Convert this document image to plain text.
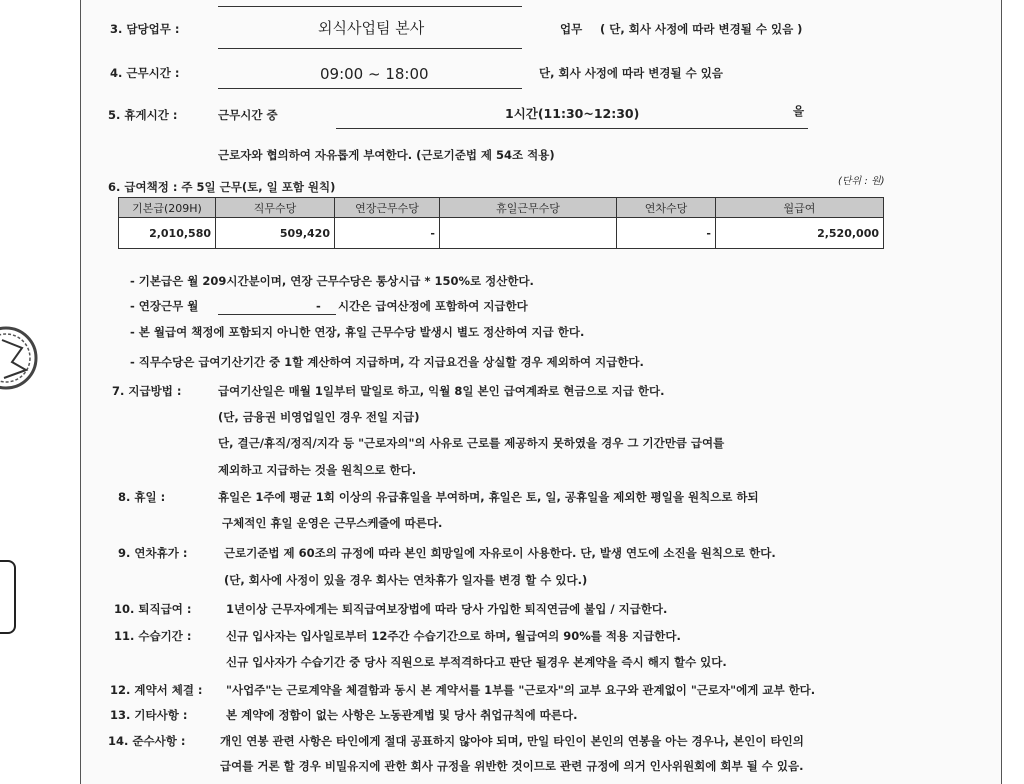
3. 담당업무 :	외식사업팀 본사	업무 ( 단, 회사 사정에 따라 변경될 수 있음 )
4. 근무시간 :	09:00 ~ 18:00	단, 회사 사정에 따라 변경될 수 있음
5. 휴게시간 :	근무시간 중	1시간(11:30~12:30)	을
근로자와 협의하여 자유롭게 부여한다. (근로기준법 제 54조 적용)
6. 급여책정 : 주 5일 근무(토, 일 포함 원칙)	(단위 : 원)
기본급(209H)	직무수당	연장근무수당	휴일근무수당	연차수당	월급여
2,010,580	509,420	-		-	2,520,000
- 기본급은 월 209시간분이며, 연장 근무수당은 통상시급 * 150%로 정산한다.
- 연장근무 월	- 시간은 급여산정에 포함하여 지급한다
- 본 월급여 책정에 포함되지 아니한 연장, 휴일 근무수당 발생시 별도 정산하여 지급 한다.
- 직무수당은 급여기산기간 중 1할 계산하여 지급하며, 각 지급요건을 상실할 경우 제외하여 지급한다.
7. 지급방법 :	급여기산일은 매월 1일부터 말일로 하고, 익월 8일 본인 급여계좌로 현금으로 지급 한다.
(단, 금융권 비영업일인 경우 전일 지급)
단, 결근/휴직/정직/지각 등 "근로자의"의 사유로 근로를 제공하지 못하였을 경우 그 기간만큼 급여를
제외하고 지급하는 것을 원칙으로 한다.
8. 휴일 :	휴일은 1주에 평균 1회 이상의 유급휴일을 부여하며, 휴일은 토, 일, 공휴일을 제외한 평일을 원칙으로 하되
구체적인 휴일 운영은 근무스케줄에 따른다.
9. 연차휴가 :	근로기준법 제 60조의 규정에 따라 본인 희망일에 자유로이 사용한다. 단, 발생 연도에 소진을 원칙으로 한다.
(단, 회사에 사정이 있을 경우 회사는 연차휴가 일자를 변경 할 수 있다.)
10. 퇴직급여 :	1년이상 근무자에게는 퇴직급여보장법에 따라 당사 가입한 퇴직연금에 불입 / 지급한다.
11. 수습기간 :	신규 입사자는 입사일로부터 12주간 수습기간으로 하며, 월급여의 90%를 적용 지급한다.
신규 입사자가 수습기간 중 당사 직원으로 부적격하다고 판단 될경우 본계약을 즉시 해지 할수 있다.
12. 계약서 체결 : "사업주"는 근로계약을 체결함과 동시 본 계약서를 1부를 "근로자"의 교부 요구와 관계없이 "근로자"에게 교부 한다.
13. 기타사항 :	본 계약에 정함이 없는 사항은 노동관계법 및 당사 취업규칙에 따른다.
14. 준수사항 :	개인 연봉 관련 사항은 타인에게 절대 공표하지 않아야 되며, 만일 타인이 본인의 연봉을 아는 경우나, 본인이 타인의
급여를 거론 할 경우 비밀유지에 관한 회사 규정을 위반한 것이므로 관련 규정에 의거 인사위원회에 회부 될 수 있음.
